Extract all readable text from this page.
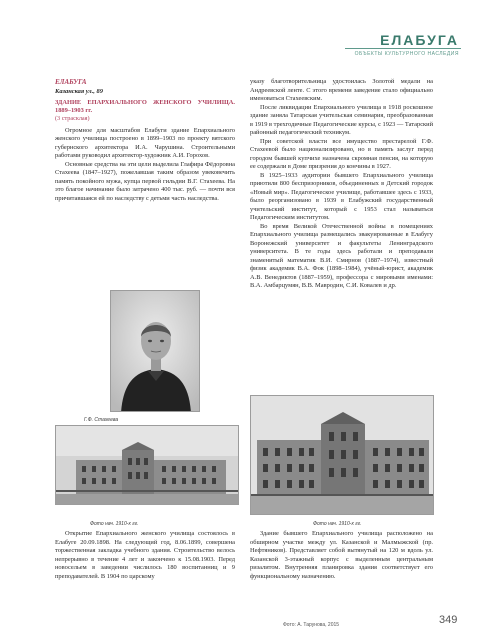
ЕЛАБУГА
ОБЪЕКТЫ КУЛЬТУРНОГО НАСЛЕДИЯ
ЕЛАБУГА
Казанская ул., 89
ЗДАНИЕ ЕПАРХИАЛЬНОГО ЖЕНСКОГО УЧИЛИЩА. 1889–1903 гг.
(3 страсклая)

Огромное для масштабов Елабуги здание Епархиального женского училища построено в 1899–1903 по проекту вятского губернского архитектора И.А. Чарушина. Строительными работами руководил архитектор-художник А.И. Горохов.

Основные средства на эти цели выделила Глафира Фёдоровна Стахеева (1847–1927), пожелавшая таким образом увековечить память покойного мужа, купца первой гильдии В.Г. Стахеева. На это благое начинание было затрачено 400 тыс. руб. — почти вся причитавшаяся ей по наследству с детьми часть наследства.

указу благотворительница удостоилась Золотой медали на Андреевской ленте. С этого времени заведение стало официально именоваться Стахеевским.

После ликвидации Епархиального училища в 1918 роскошное здание заняла Татарская учительская семинария, преобразованная в 1919 в трехгодичные Педагогические курсы, с 1923 — Татарский районный педагогический техникум.

При советской власти все имущество престарелой Г.Ф. Стахеевой было национализировано, но в память заслуг перед городом бывшей купчихе назначена скромная пенсия, на которую ее содержали в Доме призрения до кончины в 1927.

В 1925–1933 аудитории бывшего Епархиального училища приютили 800 беспризорников, объединенных в Детский городок «Новый мир». Педагогическое училище, работавшее здесь с 1933, было реорганизовано в 1939 в Елабужский государственный учительский институт, который с 1953 стал называться Педагогическим институтом.

Во время Великой Отечественной войны в помещениях Епархиального училища размещались эвакуированные в Елабугу Воронежский университет и факультеты Ленинградского университета. В те годы здесь работали и преподавали знаменитый математик В.И. Смирнов (1887–1974), известный физик академик В.А. Фок (1898–1984), учёный-юрист, академик А.В. Венедиктов (1887–1959), профессора с мировыми именами: В.А. Амбарцумян, В.В. Мавродин, С.И. Ковалев и др.

Г.Ф. Стахеева
Фото нач. 1910-х гг.	Фото нач. 1910-х гг.

Открытие Епархиального женского училища состоялось в Елабуге 20.09.1898. На следующий год, 8.06.1899, совершена торжественная закладка учебного здания. Строительство велось непрерывно в течение 4 лет и закончено к 15.08.1903. Перед новосельем в заведении числилось 180 воспитанниц и 9 преподавателей. В 1904 по царскому

Здание бывшего Епархиального училища расположено на обширном участке между ул. Казанской и Малмыжской (пр. Нефтяников). Представляет собой вытянутый на 120 м вдоль ул. Казанской 3-этажный корпус с выделенным центральным ризалитом. Внутренняя планировка здания соответствует его функциональному назначению.

Фото: А. Тарунова, 2015	349
